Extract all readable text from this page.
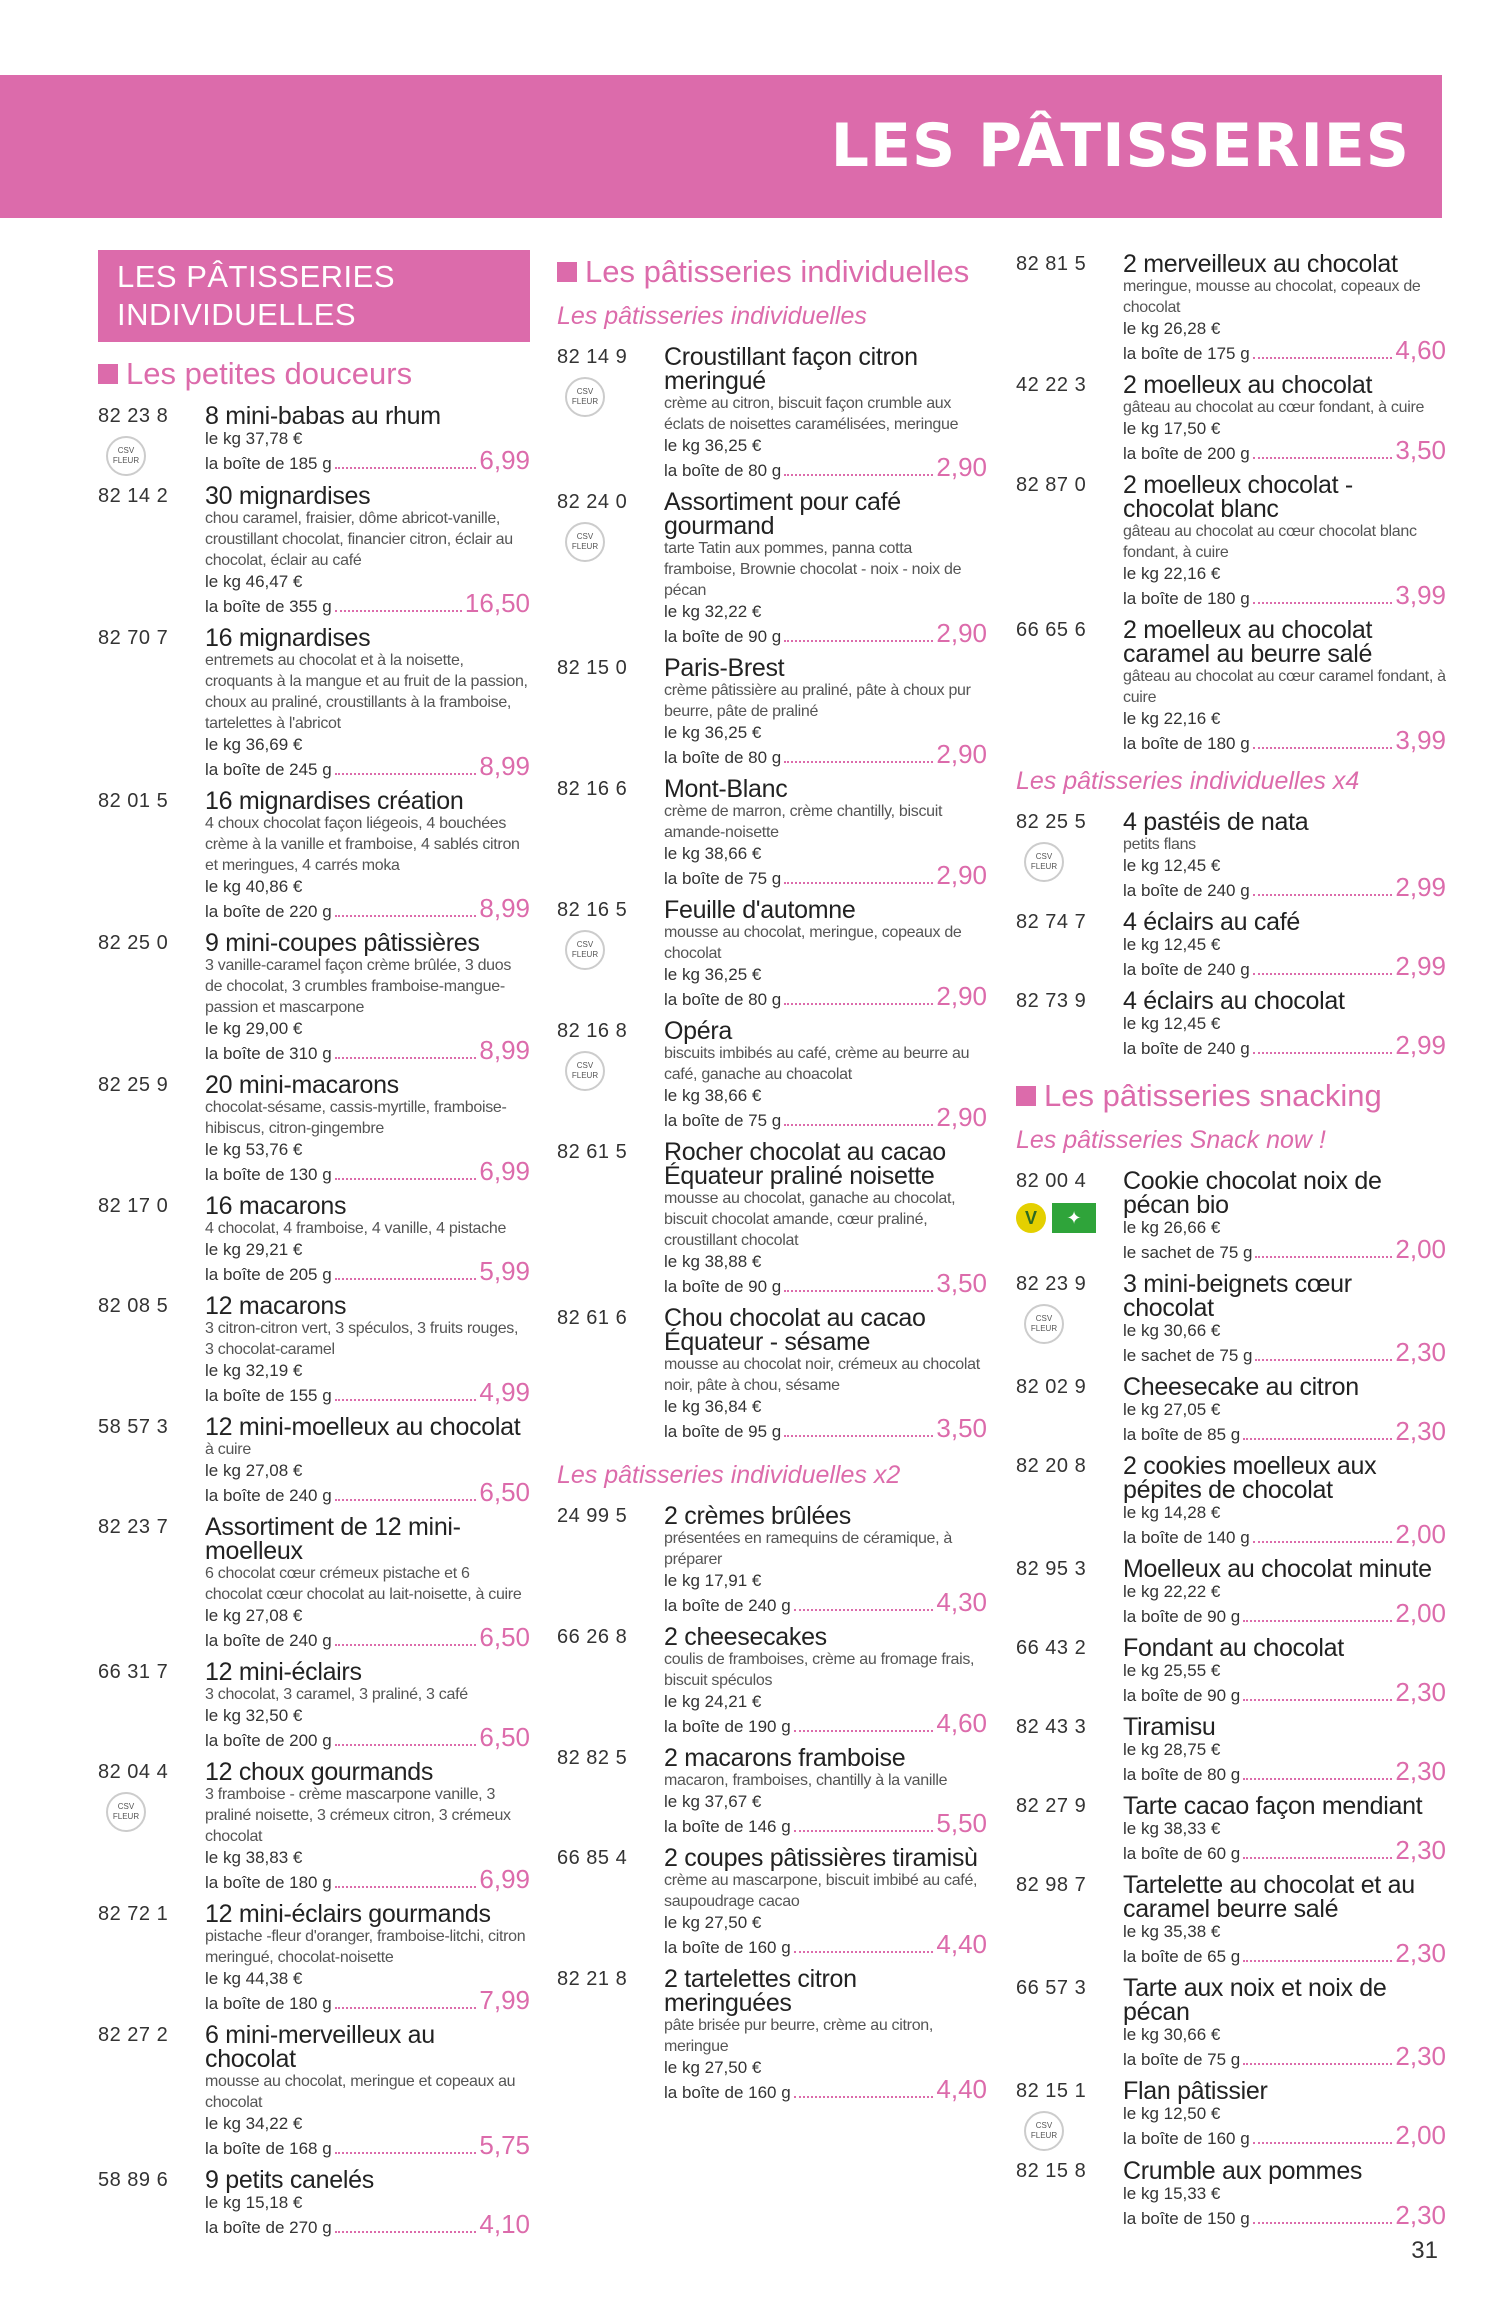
LES PÂTISSERIES
LES PÂTISSERIES INDIVIDUELLES
Les petites douceurs
82 23 8
CSV
FLEUR
8 mini-babas au rhum
le kg 37,78 €
la boîte de 185 g	6,99
82 14 2	30 mignardises
chou caramel, fraisier, dôme abricot-vanille, croustillant chocolat, financier citron, éclair au chocolat, éclair au café
le kg 46,47 €
la boîte de 355 g	16,50
82 70 7	16 mignardises
entremets au chocolat et à la noisette, croquants à la mangue et au fruit de la passion, choux au praliné, croustillants à la framboise, tartelettes à l'abricot
le kg 36,69 €
la boîte de 245 g	8,99
82 01 5	16 mignardises création
4 choux chocolat façon liégeois, 4 bouchées crème à la vanille et framboise, 4 sablés citron et meringues, 4 carrés moka
le kg 40,86 €
la boîte de 220 g	8,99
82 25 0	9 mini-coupes pâtissières
3 vanille-caramel façon crème brûlée, 3 duos de chocolat, 3 crumbles framboise-mangue-passion et mascarpone
le kg 29,00 €
la boîte de 310 g	8,99
82 25 9	20 mini-macarons
chocolat-sésame, cassis-myrtille, framboise-hibiscus, citron-gingembre
le kg 53,76 €
la boîte de 130 g	6,99
82 17 0	16 macarons
4 chocolat, 4 framboise, 4 vanille, 4 pistache
le kg 29,21 €
la boîte de 205 g	5,99
82 08 5	12 macarons
3 citron-citron vert, 3 spéculos, 3 fruits rouges, 3 chocolat-caramel
le kg 32,19 €
la boîte de 155 g	4,99
58 57 3	12 mini-moelleux au chocolat
à cuire
le kg 27,08 €
la boîte de 240 g	6,50
82 23 7	Assortiment de 12 mini-moelleux
6 chocolat cœur crémeux pistache et 6 chocolat cœur chocolat au lait-noisette, à cuire
le kg 27,08 €
la boîte de 240 g	6,50
66 31 7	12 mini-éclairs
3 chocolat, 3 caramel, 3 praliné, 3 café
le kg 32,50 €
la boîte de 200 g	6,50
82 04 4
CSV
FLEUR
12 choux gourmands
3 framboise - crème mascarpone vanille, 3 praliné noisette, 3 crémeux citron, 3 crémeux chocolat
le kg 38,83 €
la boîte de 180 g	6,99
82 72 1	12 mini-éclairs gourmands
pistache -fleur d'oranger, framboise-litchi, citron meringué, chocolat-noisette
le kg 44,38 €
la boîte de 180 g	7,99
82 27 2	6 mini-merveilleux au chocolat
mousse au chocolat, meringue et copeaux au chocolat
le kg 34,22 €
la boîte de 168 g	5,75
58 89 6	9 petits canelés
le kg 15,18 €
la boîte de 270 g	4,10
Les pâtisseries individuelles
Les pâtisseries individuelles
82 14 9
CSV
FLEUR
Croustillant façon citron meringué
crème au citron, biscuit façon crumble aux éclats de noisettes caramélisées, meringue
le kg 36,25 €
la boîte de 80 g	2,90
82 24 0
CSV
FLEUR
Assortiment pour café gourmand
tarte Tatin aux pommes, panna cotta framboise, Brownie chocolat - noix - noix de pécan
le kg 32,22 €
la boîte de 90 g	2,90
82 15 0	Paris-Brest
crème pâtissière au praliné, pâte à choux pur beurre, pâte de praliné
le kg 36,25 €
la boîte de 80 g	2,90
82 16 6	Mont-Blanc
crème de marron, crème chantilly, biscuit amande-noisette
le kg 38,66 €
la boîte de 75 g	2,90
82 16 5
CSV
FLEUR
Feuille d'automne
mousse au chocolat, meringue, copeaux de chocolat
le kg 36,25 €
la boîte de 80 g	2,90
82 16 8
CSV
FLEUR
Opéra
biscuits imbibés au café, crème au beurre au café, ganache au choacolat
le kg 38,66 €
la boîte de 75 g	2,90
82 61 5	Rocher chocolat au cacao Équateur praliné noisette
mousse au chocolat, ganache au chocolat, biscuit chocolat amande, cœur praliné, croustillant chocolat
le kg 38,88 €
la boîte de 90 g	3,50
82 61 6	Chou chocolat au cacao Équateur - sésame
mousse au chocolat noir, crémeux au chocolat noir, pâte à chou, sésame
le kg 36,84 €
la boîte de 95 g	3,50
Les pâtisseries individuelles x2
24 99 5	2 crèmes brûlées
présentées en ramequins de céramique, à préparer
le kg 17,91 €
la boîte de 240 g	4,30
66 26 8	2 cheesecakes
coulis de framboises, crème au fromage frais, biscuit spéculos
le kg 24,21 €
la boîte de 190 g	4,60
82 82 5	2 macarons framboise
macaron, framboises, chantilly à la vanille
le kg 37,67 €
la boîte de 146 g	5,50
66 85 4	2 coupes pâtissières tiramisù
crème au mascarpone, biscuit imbibé au café, saupoudrage cacao
le kg 27,50 €
la boîte de 160 g	4,40
82 21 8	2 tartelettes citron meringuées
pâte brisée pur beurre, crème au citron, meringue
le kg 27,50 €
la boîte de 160 g	4,40
82 81 5	2 merveilleux au chocolat
meringue, mousse au chocolat, copeaux de chocolat
le kg 26,28 €
la boîte de 175 g	4,60
42 22 3	2 moelleux au chocolat
gâteau au chocolat au cœur fondant, à cuire
le kg 17,50 €
la boîte de 200 g	3,50
82 87 0	2 moelleux chocolat - chocolat blanc
gâteau au chocolat au cœur chocolat blanc fondant, à cuire
le kg 22,16 €
la boîte de 180 g	3,99
66 65 6	2 moelleux au chocolat caramel au beurre salé
gâteau au chocolat au cœur caramel fondant, à cuire
le kg 22,16 €
la boîte de 180 g	3,99
Les pâtisseries individuelles x4
82 25 5
CSV
FLEUR
4 pastéis de nata
petits flans
le kg 12,45 €
la boîte de 240 g	2,99
82 74 7	4 éclairs au café
le kg 12,45 €
la boîte de 240 g	2,99
82 73 9	4 éclairs au chocolat
le kg 12,45 €
la boîte de 240 g	2,99
Les pâtisseries snacking
Les pâtisseries Snack now !
82 00 4
V	✦
Cookie chocolat noix de pécan bio
le kg 26,66 €
le sachet de 75 g	2,00
82 23 9
CSV
FLEUR
3 mini-beignets cœur chocolat
le kg 30,66 €
le sachet de 75 g	2,30
82 02 9	Cheesecake au citron
le kg 27,05 €
la boîte de 85 g	2,30
82 20 8	2 cookies moelleux aux pépites de chocolat
le kg 14,28 €
la boîte de 140 g	2,00
82 95 3	Moelleux au chocolat minute
le kg 22,22 €
la boîte de 90 g	2,00
66 43 2	Fondant au chocolat
le kg 25,55 €
la boîte de 90 g	2,30
82 43 3	Tiramisu
le kg 28,75 €
la boîte de 80 g	2,30
82 27 9	Tarte cacao façon mendiant
le kg 38,33 €
la boîte de 60 g	2,30
82 98 7	Tartelette au chocolat et au caramel beurre salé
le kg 35,38 €
la boîte de 65 g	2,30
66 57 3	Tarte aux noix et noix de pécan
le kg 30,66 €
la boîte de 75 g	2,30
82 15 1
CSV
FLEUR
Flan pâtissier
le kg 12,50 €
la boîte de 160 g	2,00
82 15 8	Crumble aux pommes
le kg 15,33 €
la boîte de 150 g	2,30
31
